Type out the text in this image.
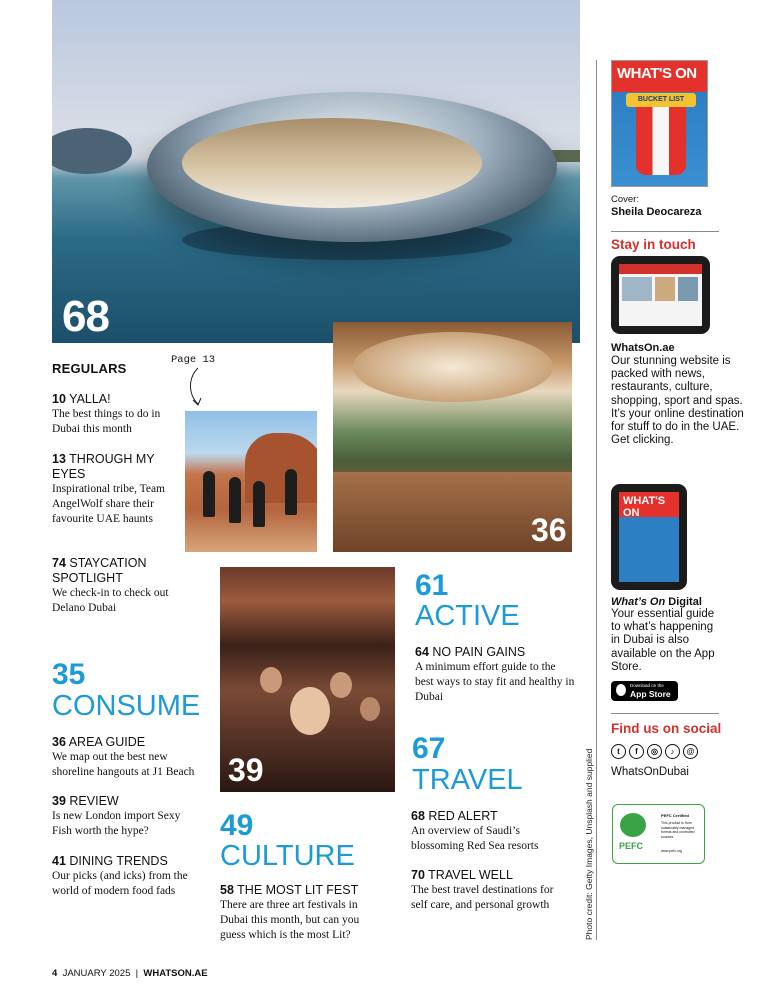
68
36
Page 13
39
REGULARS
10 YALLA!
The best things to do in Dubai this month
13 THROUGH MY EYES
Inspirational tribe, Team AngelWolf share their favourite UAE haunts
74 STAYCATION SPOTLIGHT
We check-in to check out Delano Dubai
35
CONSUME
36 AREA GUIDE
We map out the best new shoreline hangouts at J1 Beach
39 REVIEW
Is new London import Sexy Fish worth the hype?
41 DINING TRENDS
Our picks (and icks) from the world of modern food fads
49
CULTURE
58 THE MOST LIT FEST
There are three art festivals in Dubai this month, but can you guess which is the most Lit?
61
ACTIVE
64 NO PAIN GAINS
A minimum effort guide to the best ways to stay fit and healthy in Dubai
67
TRAVEL
68 RED ALERT
An overview of Saudi’s blossoming Red Sea resorts
70 TRAVEL WELL
The best travel destinations for self care, and personal growth	Photo credit: Getty Images, Unsplash and supplied
WHAT'S ON
BUCKET LIST
Cover:
Sheila Deocareza
Stay in touch
WhatsOn.ae
Our stunning website is packed with news, restaurants, culture, shopping, sport and spas. It’s your online destination for stuff to do in the UAE. Get clicking.
WHAT'S ON
What’s On Digital
Your essential guide to what’s happening in Dubai is also available on the App Store.
Download on the
App Store
Find us on social
t	f	◎	♪	@
WhatsOnDubai
PEFC
PEFC Certified
This product is from sustainably managed forests and controlled sources
www.pefc.org
4 JANUARY 2025  |  WHATSON.AE
